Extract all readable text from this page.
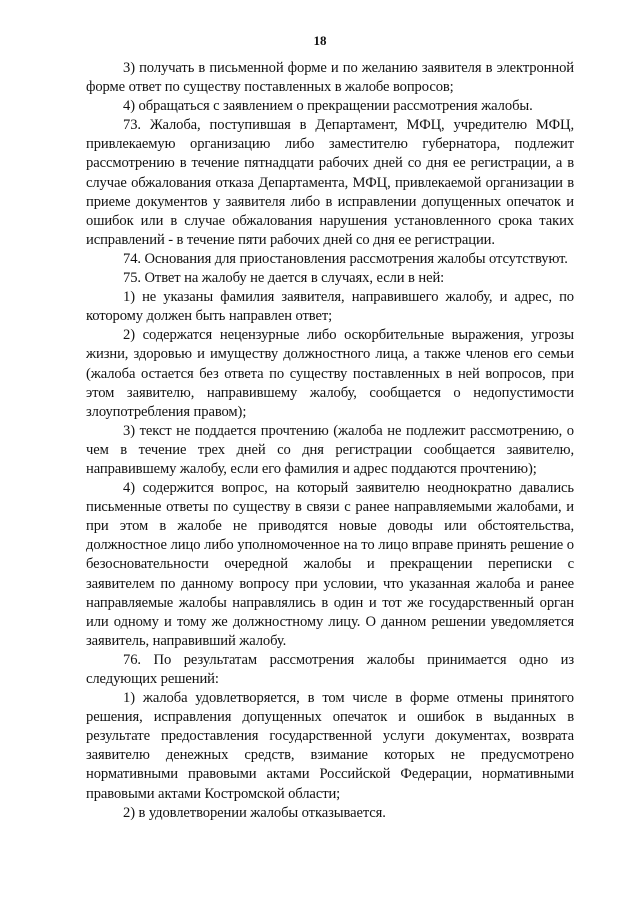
18

3) получать в письменной форме и по желанию заявителя в электронной форме ответ по существу поставленных в жалобе вопросов;

4) обращаться с заявлением о прекращении рассмотрения жалобы.

73. Жалоба, поступившая в Департамент, МФЦ, учредителю МФЦ, привлекаемую организацию либо заместителю губернатора, подлежит рассмотрению в течение пятнадцати рабочих дней со дня ее регистрации, а в случае обжалования отказа Департамента, МФЦ, привлекаемой организации в приеме документов у заявителя либо в исправлении допущенных опечаток и ошибок или в случае обжалования нарушения установленного срока таких исправлений - в течение пяти рабочих дней со дня ее регистрации.

74. Основания для приостановления рассмотрения жалобы отсутствуют.

75. Ответ на жалобу не дается в случаях, если в ней:

1) не указаны фамилия заявителя, направившего жалобу, и адрес, по которому должен быть направлен ответ;

2) содержатся нецензурные либо оскорбительные выражения, угрозы жизни, здоровью и имуществу должностного лица, а также членов его семьи (жалоба остается без ответа по существу поставленных в ней вопросов, при этом заявителю, направившему жалобу, сообщается о недопустимости злоупотребления правом);

3) текст не поддается прочтению (жалоба не подлежит рассмотрению, о чем в течение трех дней со дня регистрации сообщается заявителю, направившему жалобу, если его фамилия и адрес поддаются прочтению);

4) содержится вопрос, на который заявителю неоднократно давались письменные ответы по существу в связи с ранее направляемыми жалобами, и при этом в жалобе не приводятся новые доводы или обстоятельства, должностное лицо либо уполномоченное на то лицо вправе принять решение о безосновательности очередной жалобы и прекращении переписки с заявителем по данному вопросу при условии, что указанная жалоба и ранее направляемые жалобы направлялись в один и тот же государственный орган или одному и тому же должностному лицу. О данном решении уведомляется заявитель, направивший жалобу.

76. По результатам рассмотрения жалобы принимается одно из следующих решений:

1) жалоба удовлетворяется, в том числе в форме отмены принятого решения, исправления допущенных опечаток и ошибок в выданных в результате предоставления государственной услуги документах, возврата заявителю денежных средств, взимание которых не предусмотрено нормативными правовыми актами Российской Федерации, нормативными правовыми актами Костромской области;

2) в удовлетворении жалобы отказывается.
